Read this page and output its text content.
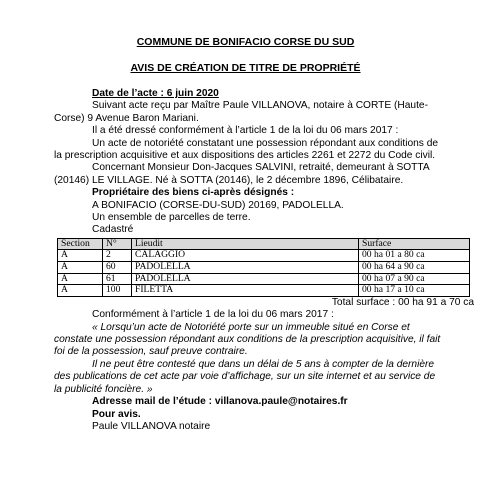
COMMUNE DE BONIFACIO CORSE DU SUD
AVIS DE CRÉATION DE TITRE DE PROPRIÉTÉ

Date de l’acte : 6 juin 2020

Suivant acte reçu par Maître Paule VILLANOVA, notaire à CORTE (Haute-

Corse) 9 Avenue Baron Mariani.

Il a été dressé conformément à l’article 1 de la loi du 06 mars 2017 :

Un acte de notoriété constatant une possession répondant aux conditions de

la prescription acquisitive et aux dispositions des articles 2261 et 2272 du Code civil.

Concernant Monsieur Don-Jacques SALVINI, retraité, demeurant à SOTTA

(20146) LE VILLAGE. Né à SOTTA (20146), le 2 décembre 1896, Célibataire.

Propriétaire des biens ci-après désignés :

A BONIFACIO (CORSE-DU-SUD) 20169, PADOLELLA.

Un ensemble de parcelles de terre.

Cadastré

Section	N°	Lieudit	Surface
A	2	CALAGGIO	00 ha 01 a 80 ca
A	60	PADOLELLA	00 ha 64 a 90 ca
A	61	PADOLELLA	00 ha 07 a 90 ca
A	100	FILETTA	00 ha 17 a 10 ca

Total surface : 00 ha 91 a 70 ca

Conformément à l’article 1 de la loi du 06 mars 2017 :

« Lorsqu’un acte de Notoriété porte sur un immeuble situé en Corse et

constate une possession répondant aux conditions de la prescription acquisitive, il fait

foi de la possession, sauf preuve contraire.

Il ne peut être contesté que dans un délai de 5 ans à compter de la dernière

des publications de cet acte par voie d’affichage, sur un site internet et au service de

la publicité foncière. »

Adresse mail de l’étude : villanova.paule@notaires.fr

Pour avis.

Paule VILLANOVA notaire
